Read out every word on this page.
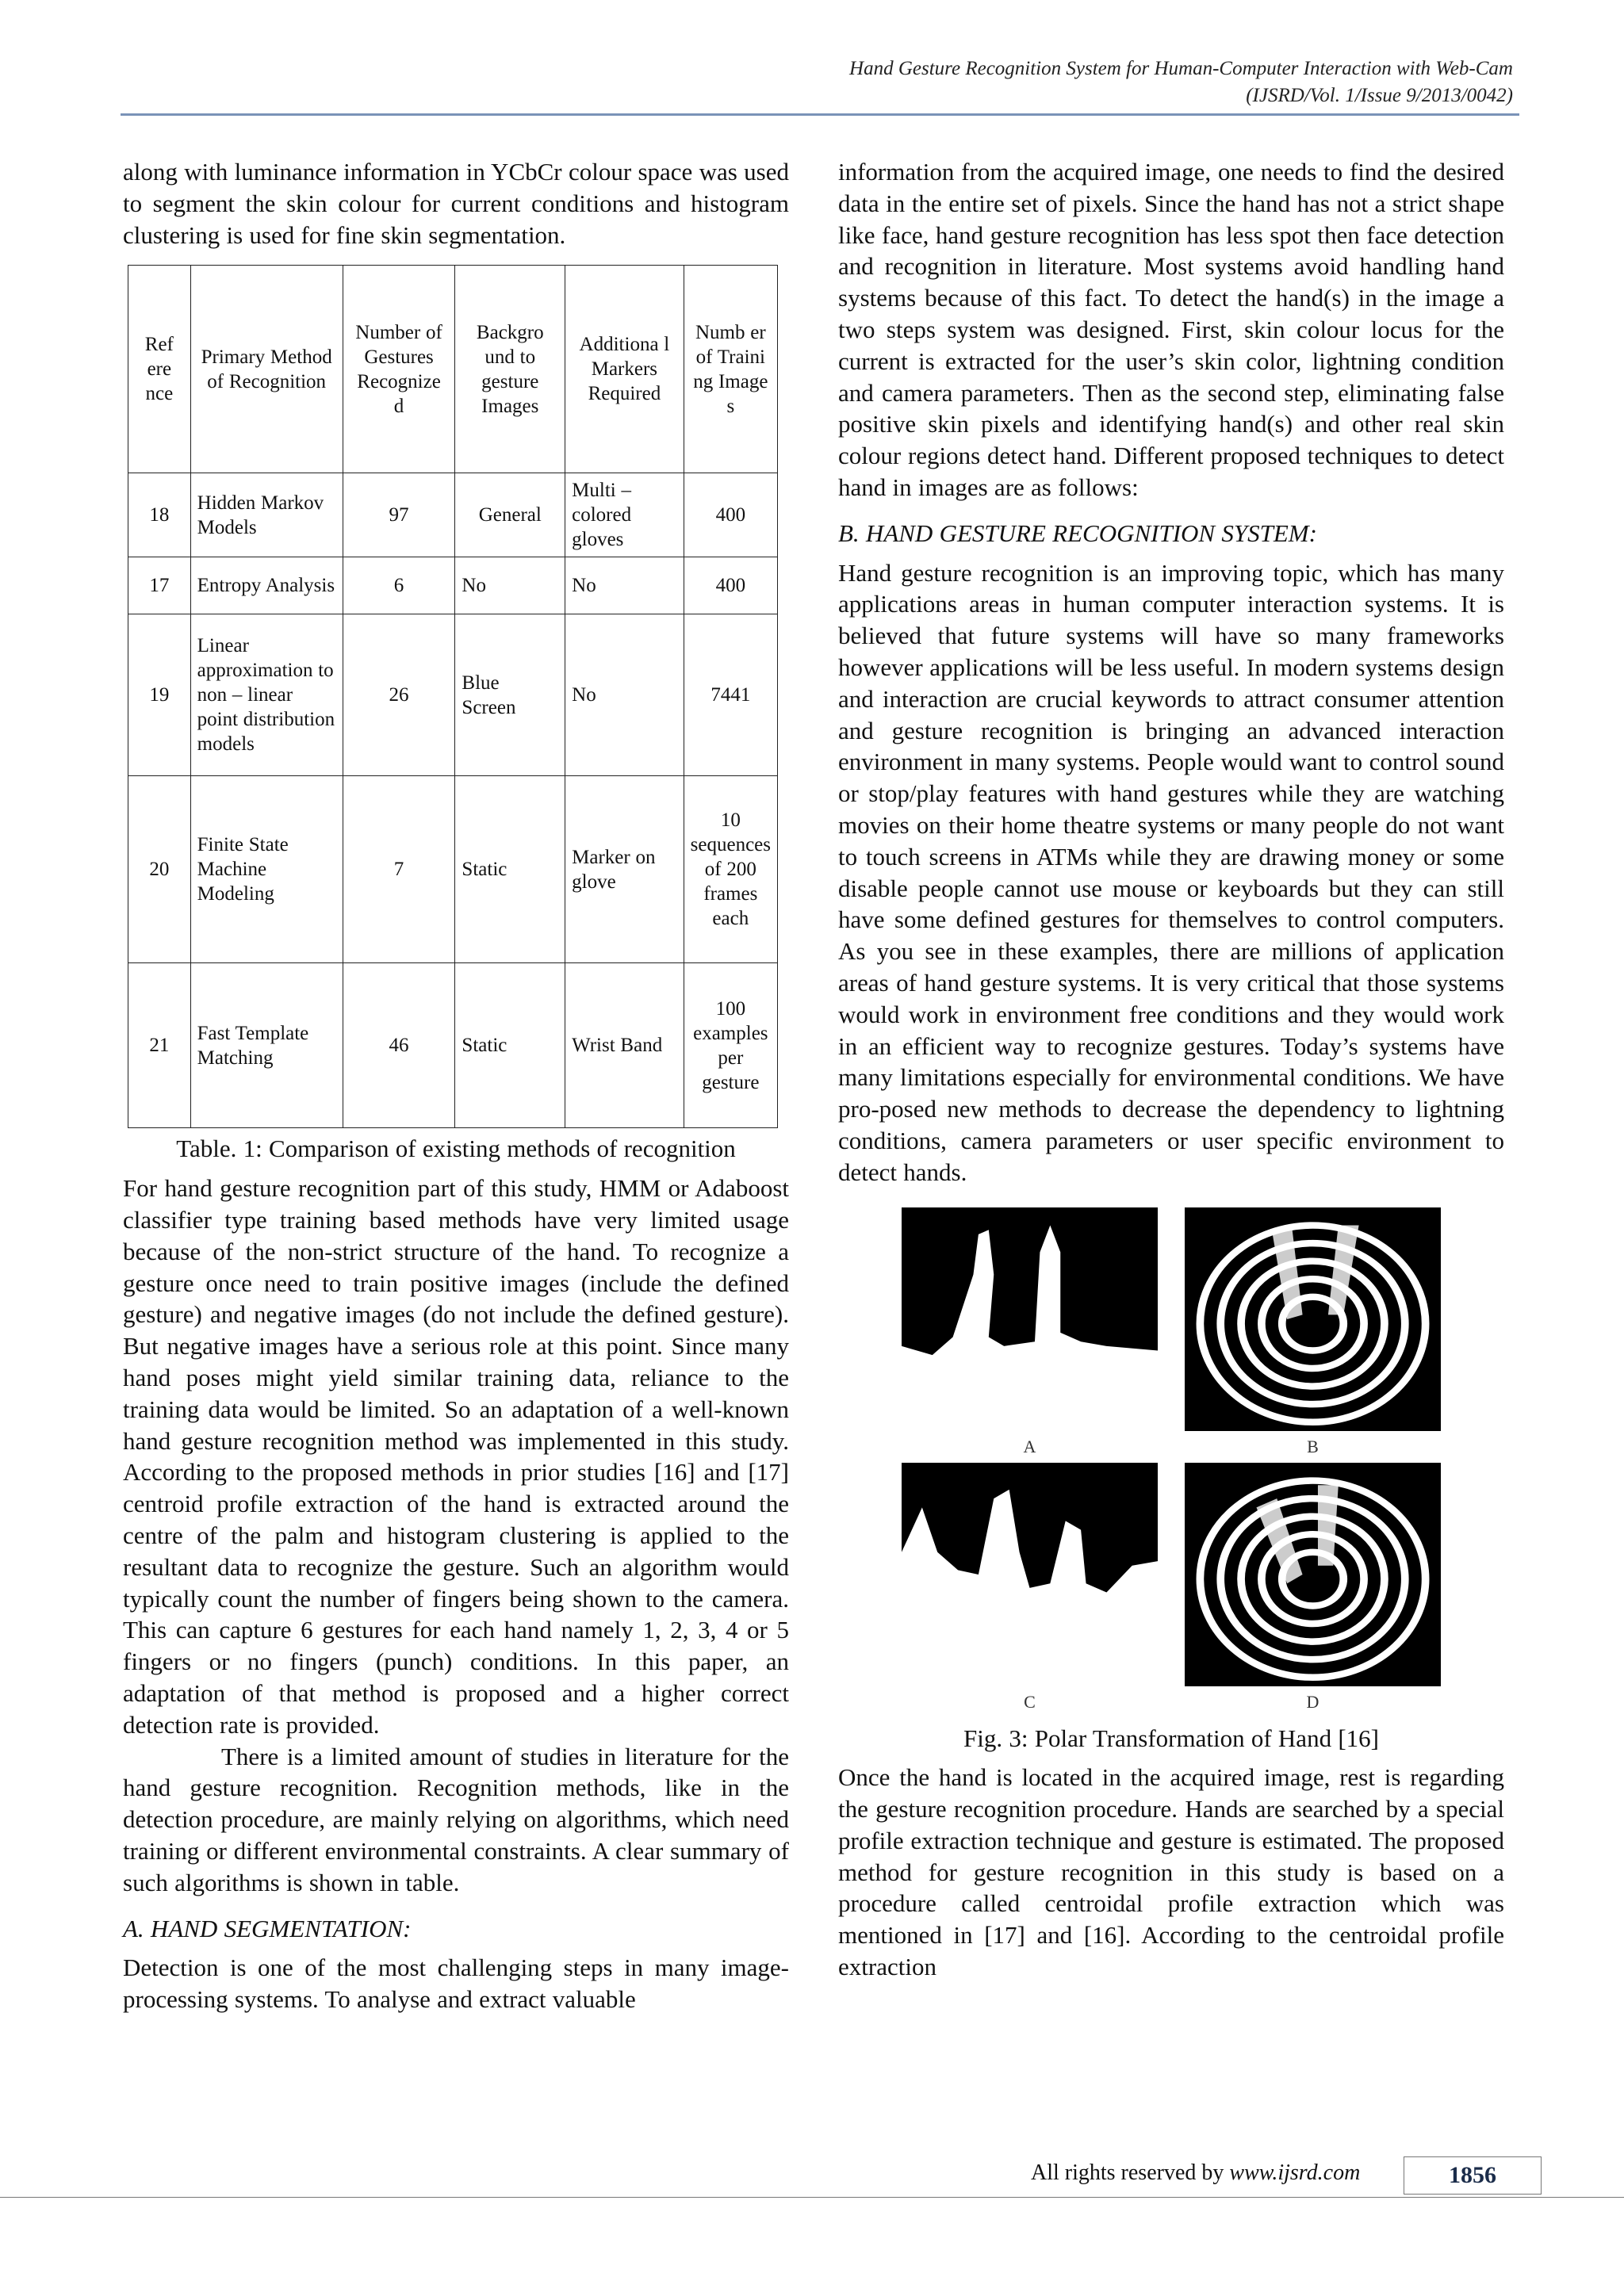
Hand Gesture Recognition System for Human-Computer Interaction with Web-Cam
(IJSRD/Vol. 1/Issue 9/2013/0042)

along with luminance information in YCbCr colour space was used to segment the skin colour for current conditions and histogram clustering is used for fine skin segmentation.

Ref ere nce	Primary Method of Recognition	Number of Gestures Recognize d	Backgro und to gesture Images	Additiona l Markers Required	Numb er of Traini ng Image s
18	Hidden Markov Models	97	General	Multi – colored gloves	400
17	Entropy Analysis	6	No	No	400
19	Linear approximation to non – linear point distribution models	26	Blue Screen	No	7441
20	Finite State Machine Modeling	7	Static	Marker on glove	10 sequences of 200 frames each
21	Fast Template Matching	46	Static	Wrist Band	100 examples per gesture
Table. 1: Comparison of existing methods of recognition

For hand gesture recognition part of this study, HMM or Adaboost classifier type training based methods have very limited usage because of the non-strict structure of the hand. To recognize a gesture once need to train positive images (include the defined gesture) and negative images (do not include the defined gesture). But negative images have a serious role at this point. Since many hand poses might yield similar training data, reliance to the training data would be limited. So an adaptation of a well-known hand gesture recognition method was implemented in this study. According to the proposed methods in prior studies [16] and [17] centroid profile extraction of the hand is extracted around the centre of the palm and histogram clustering is applied to the resultant data to recognize the gesture. Such an algorithm would typically count the number of fingers being shown to the camera. This can capture 6 gestures for each hand namely 1, 2, 3, 4 or 5 fingers or no fingers (punch) conditions. In this paper, an adaptation of that method is proposed and a higher correct detection rate is provided.

There is a limited amount of studies in literature for the hand gesture recognition. Recognition methods, like in the detection procedure, are mainly relying on algorithms, which need training or different environmental constraints. A clear summary of such algorithms is shown in table.

A. HAND SEGMENTATION:

Detection is one of the most challenging steps in many image-processing systems. To analyse and extract valuable

information from the acquired image, one needs to find the desired data in the entire set of pixels. Since the hand has not a strict shape like face, hand gesture recognition has less spot then face detection and recognition in literature. Most systems avoid handling hand systems because of this fact. To detect the hand(s) in the image a two steps system was designed. First, skin colour locus for the current is extracted for the user’s skin color, lightning condition and camera parameters. Then as the second step, eliminating false positive skin pixels and identifying hand(s) and other real skin colour regions detect hand. Different proposed techniques to detect hand in images are as follows:

B. HAND GESTURE RECOGNITION SYSTEM:

Hand gesture recognition is an improving topic, which has many applications areas in human computer interaction systems. It is believed that future systems will have so many frameworks however applications will be less useful. In modern systems design and interaction are crucial keywords to attract consumer attention and gesture recognition is bringing an advanced interaction environment in many systems. People would want to control sound or stop/play features with hand gestures while they are watching movies on their home theatre systems or many people do not want to touch screens in ATMs while they are drawing money or some disable people cannot use mouse or keyboards but they can still have some defined gestures for themselves to control computers. As you see in these examples, there are millions of application areas of hand gesture systems. It is very critical that those systems would work in environment free conditions and they would work in an efficient way to recognize gestures. Today’s systems have many limitations especially for environmental conditions. We have pro-posed new methods to decrease the dependency to lightning conditions, camera parameters or user specific environment to detect hands.

A	B
C	D
Fig. 3: Polar Transformation of Hand [16]

Once the hand is located in the acquired image, rest is regarding the gesture recognition procedure. Hands are searched by a special profile extraction technique and gesture is estimated. The proposed method for gesture recognition in this study is based on a procedure called centroidal profile extraction which was mentioned in [17] and [16]. According to the centroidal profile extraction

All rights reserved by www.ijsrd.com	1856
